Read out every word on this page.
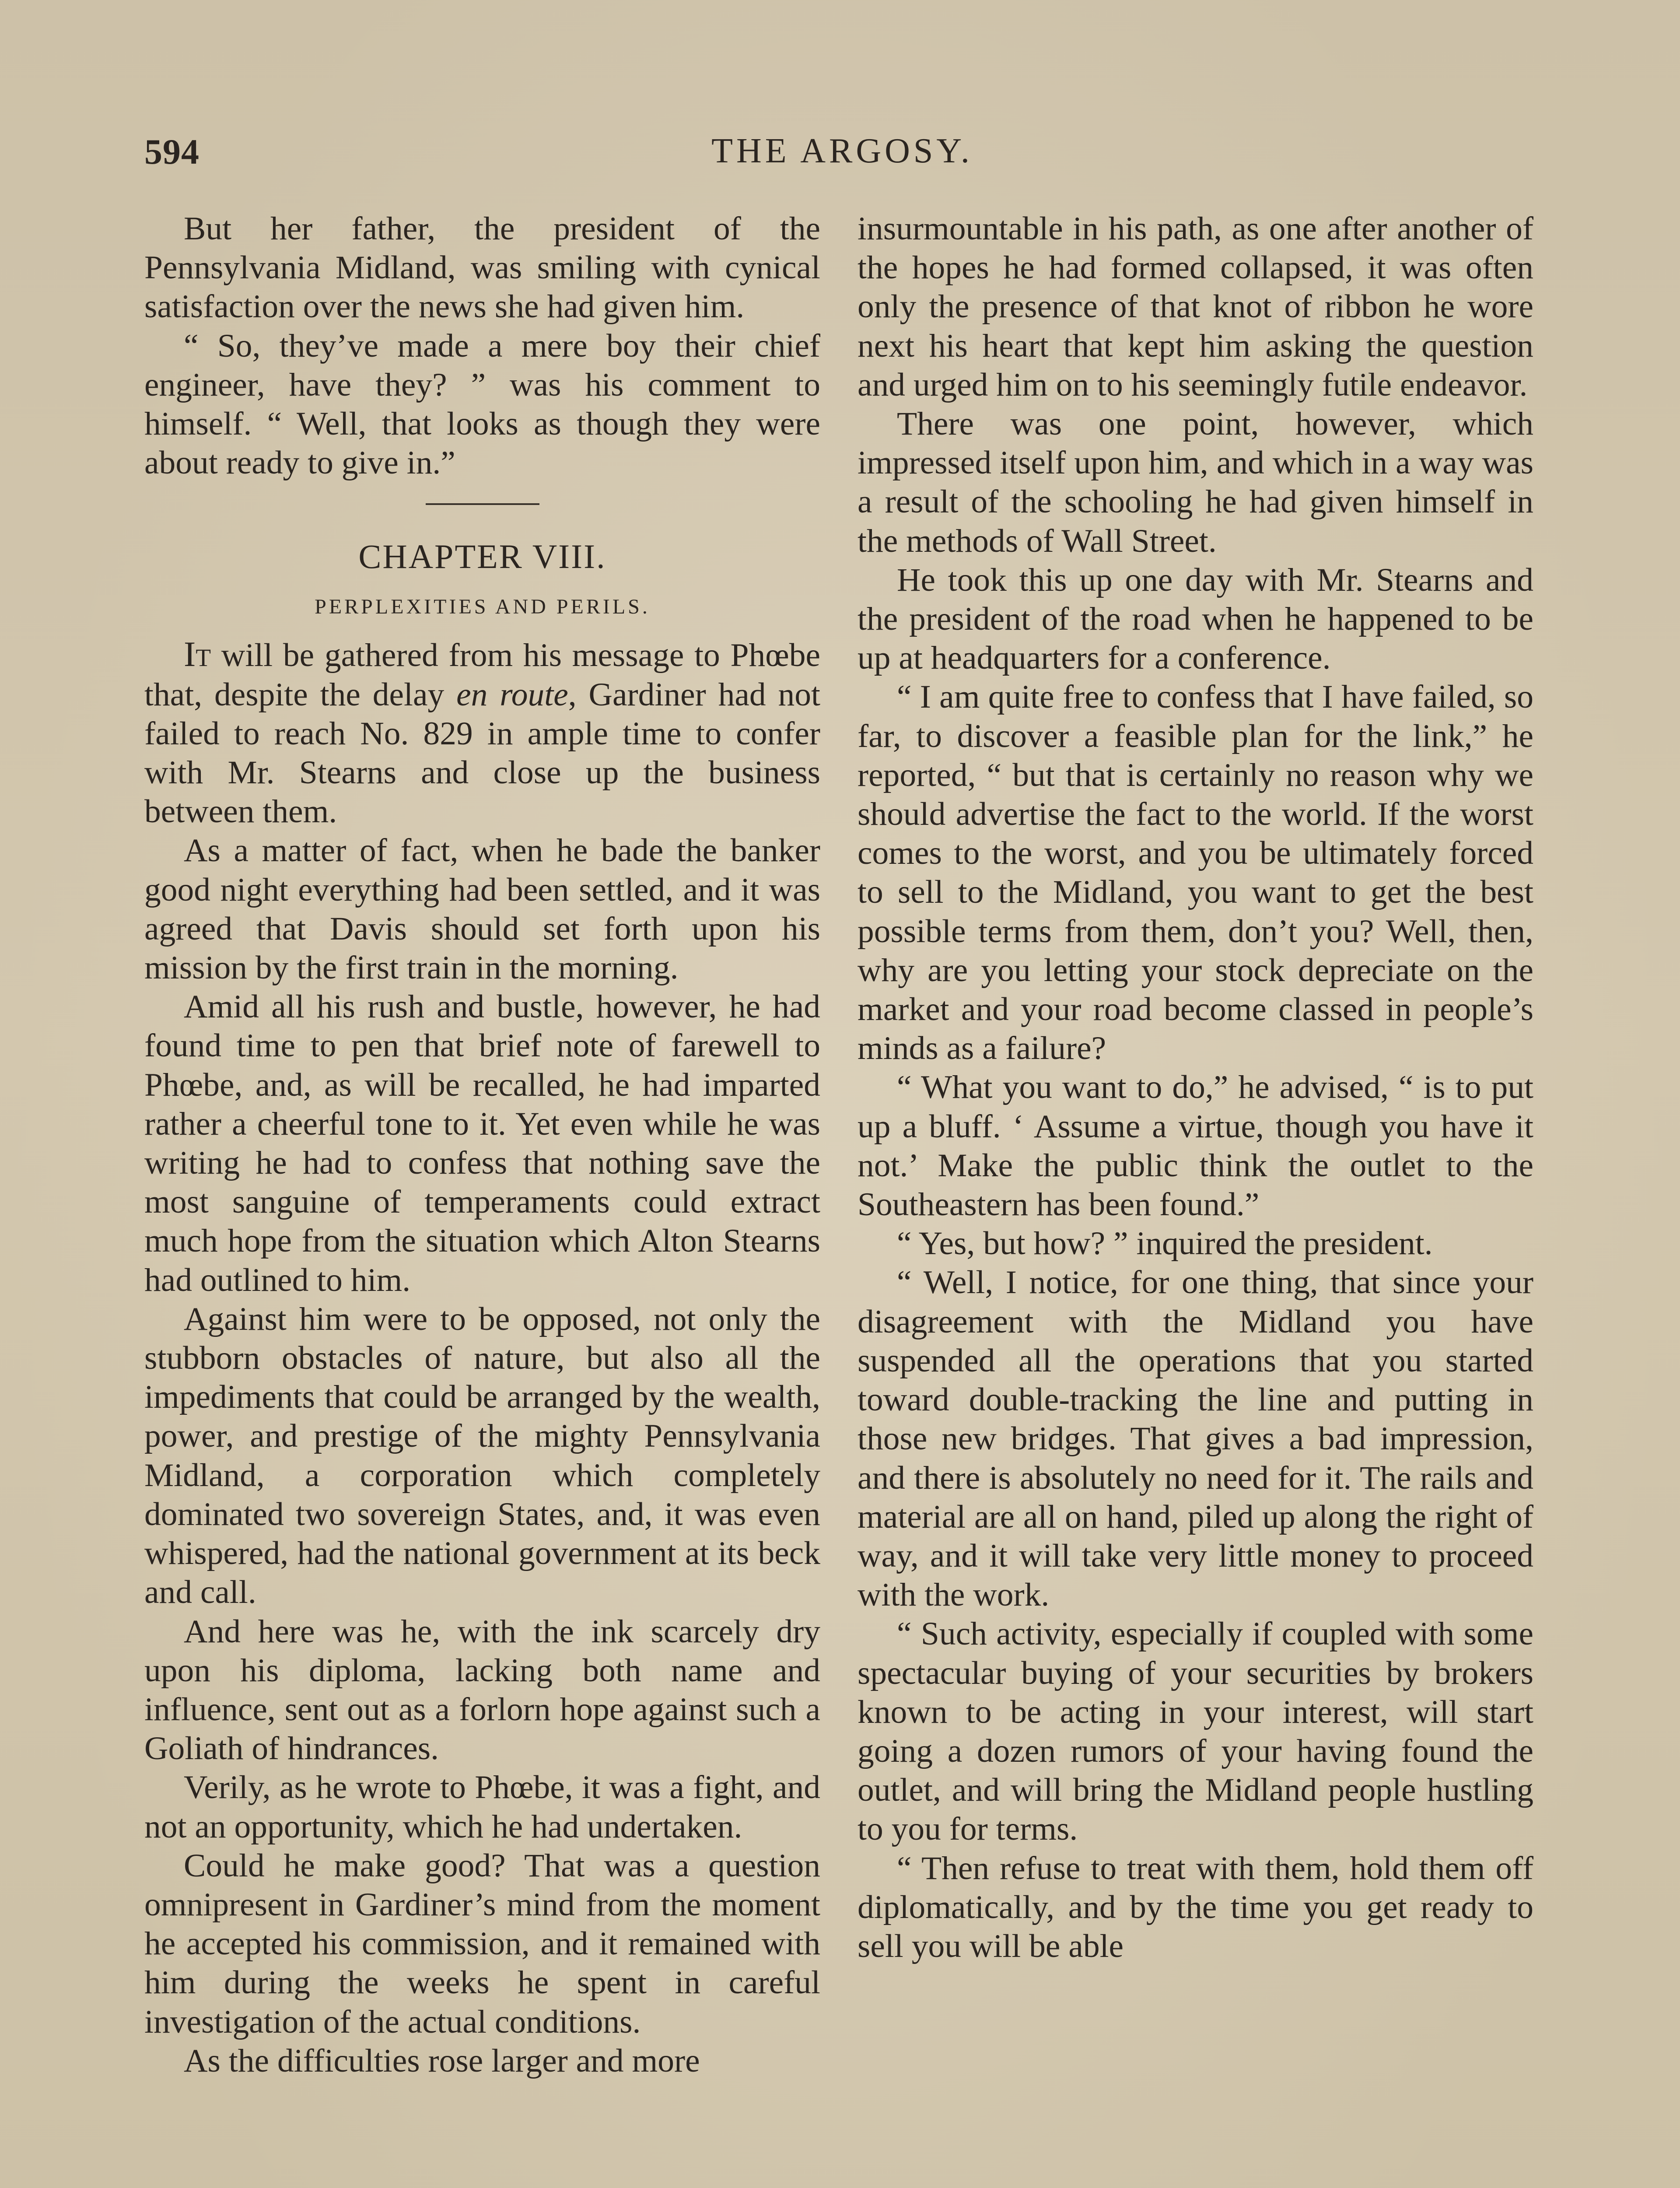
594	THE ARGOSY.

But her father, the president of the Pennsylvania Midland, was smiling with cynical satisfaction over the news she had given him.

“ So, they’ve made a mere boy their chief engineer, have they? ” was his comment to himself. “ Well, that looks as though they were about ready to give in.”

CHAPTER VIII.
PERPLEXITIES AND PERILS.

It will be gathered from his message to Phœbe that, despite the delay en route, Gardiner had not failed to reach No. 829 in ample time to confer with Mr. Stearns and close up the business between them.

As a matter of fact, when he bade the banker good night everything had been settled, and it was agreed that Davis should set forth upon his mission by the first train in the morning.

Amid all his rush and bustle, however, he had found time to pen that brief note of farewell to Phœbe, and, as will be recalled, he had imparted rather a cheerful tone to it. Yet even while he was writing he had to confess that nothing save the most sanguine of temperaments could extract much hope from the situation which Alton Stearns had outlined to him.

Against him were to be opposed, not only the stubborn obstacles of nature, but also all the impediments that could be arranged by the wealth, power, and prestige of the mighty Pennsylvania Midland, a corporation which completely dominated two sovereign States, and, it was even whispered, had the national government at its beck and call.

And here was he, with the ink scarcely dry upon his diploma, lacking both name and influence, sent out as a forlorn hope against such a Goliath of hindrances.

Verily, as he wrote to Phœbe, it was a fight, and not an opportunity, which he had undertaken.

Could he make good? That was a question omnipresent in Gardiner’s mind from the moment he accepted his commission, and it remained with him during the weeks he spent in careful investigation of the actual conditions.

As the difficulties rose larger and more

insurmountable in his path, as one after another of the hopes he had formed collapsed, it was often only the presence of that knot of ribbon he wore next his heart that kept him asking the question and urged him on to his seemingly futile endeavor.

There was one point, however, which impressed itself upon him, and which in a way was a result of the schooling he had given himself in the methods of Wall Street.

He took this up one day with Mr. Stearns and the president of the road when he happened to be up at headquarters for a conference.

“ I am quite free to confess that I have failed, so far, to discover a feasible plan for the link,” he reported, “ but that is certainly no reason why we should advertise the fact to the world. If the worst comes to the worst, and you be ultimately forced to sell to the Midland, you want to get the best possible terms from them, don’t you? Well, then, why are you letting your stock depreciate on the market and your road become classed in people’s minds as a failure?

“ What you want to do,” he advised, “ is to put up a bluff. ‘ Assume a virtue, though you have it not.’ Make the public think the outlet to the Southeastern has been found.”

“ Yes, but how? ” inquired the president.

“ Well, I notice, for one thing, that since your disagreement with the Midland you have suspended all the operations that you started toward double-tracking the line and putting in those new bridges. That gives a bad impression, and there is absolutely no need for it. The rails and material are all on hand, piled up along the right of way, and it will take very little money to proceed with the work.

“ Such activity, especially if coupled with some spectacular buying of your securities by brokers known to be acting in your interest, will start going a dozen rumors of your having found the outlet, and will bring the Midland people hustling to you for terms.

“ Then refuse to treat with them, hold them off diplomatically, and by the time you get ready to sell you will be able
